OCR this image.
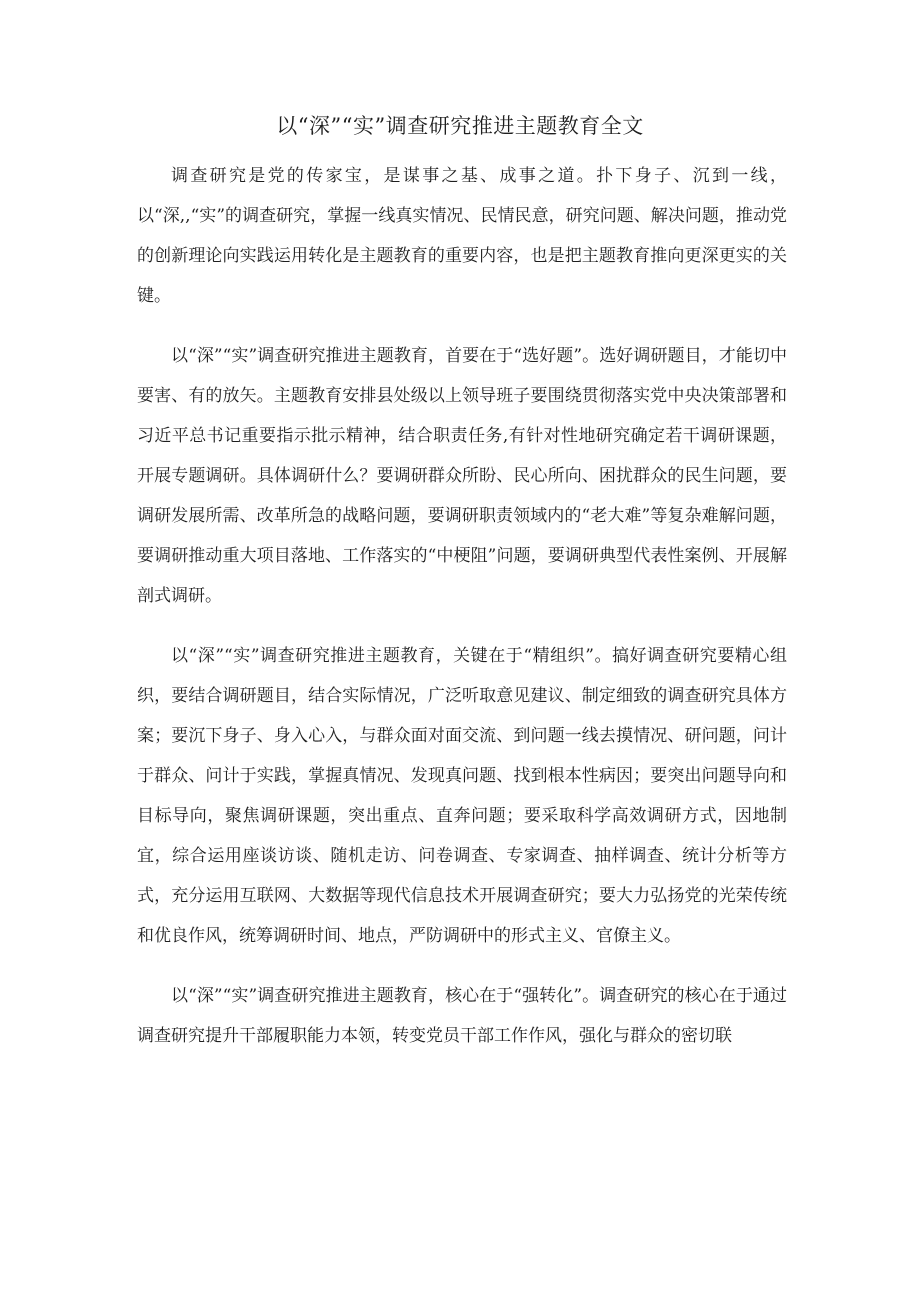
以“深”“实”调查研究推进主题教育全文

调查研究是党的传家宝，是谋事之基、成事之道。扑下身子、沉到一线，以“深,,“实”的调查研究，掌握一线真实情况、民情民意，研究问题、解决问题，推动党的创新理论向实践运用转化是主题教育的重要内容，也是把主题教育推向更深更实的关键。

以“深”“实”调查研究推进主题教育，首要在于“选好题”。选好调研题目，才能切中要害、有的放矢。主题教育安排县处级以上领导班子要围绕贯彻落实党中央决策部署和习近平总书记重要指示批示精神，结合职责任务,有针对性地研究确定若干调研课题，开展专题调研。具体调研什么？要调研群众所盼、民心所向、困扰群众的民生问题，要调研发展所需、改革所急的战略问题，要调研职责领域内的“老大难”等复杂难解问题，要调研推动重大项目落地、工作落实的“中梗阻”问题，要调研典型代表性案例、开展解剖式调研。

以“深”“实”调查研究推进主题教育，关键在于“精组织”。搞好调查研究要精心组织，要结合调研题目，结合实际情况，广泛听取意见建议、制定细致的调查研究具体方案；要沉下身子、身入心入，与群众面对面交流、到问题一线去摸情况、研问题，问计于群众、问计于实践，掌握真情况、发现真问题、找到根本性病因；要突出问题导向和目标导向，聚焦调研课题，突出重点、直奔问题；要采取科学高效调研方式，因地制宜，综合运用座谈访谈、随机走访、问卷调查、专家调查、抽样调查、统计分析等方式，充分运用互联网、大数据等现代信息技术开展调查研究；要大力弘扬党的光荣传统和优良作风，统筹调研时间、地点，严防调研中的形式主义、官僚主义。

以“深”“实”调查研究推进主题教育，核心在于“强转化”。调查研究的核心在于通过调查研究提升干部履职能力本领，转变党员干部工作作风，强化与群众的密切联
